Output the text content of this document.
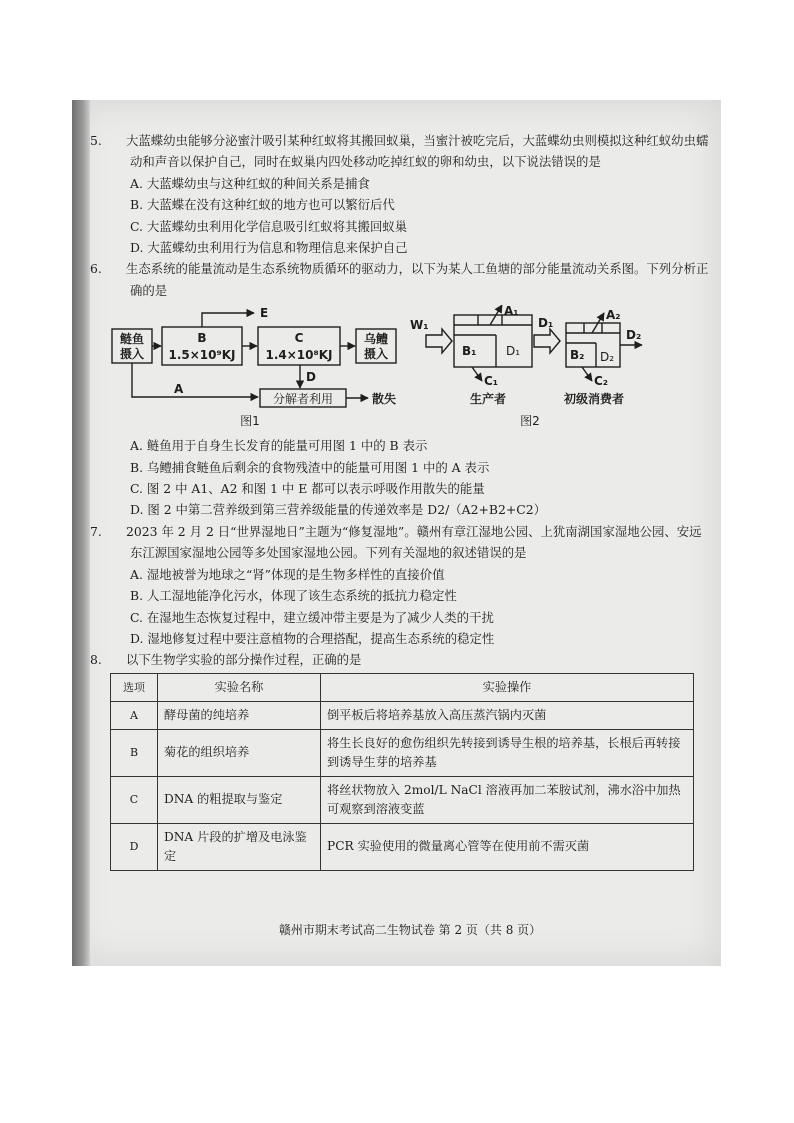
5. 大蓝蝶幼虫能够分泌蜜汁吸引某种红蚁将其搬回蚁巢，当蜜汁被吃完后，大蓝蝶幼虫则模拟这种红蚁幼虫蠕动和声音以保护自己，同时在蚁巢内四处移动吃掉红蚁的卵和幼虫，以下说法错误的是
A. 大蓝蝶幼虫与这种红蚁的种间关系是捕食
B. 大蓝蝶在没有这种红蚁的地方也可以繁衍后代
C. 大蓝蝶幼虫利用化学信息吸引红蚁将其搬回蚁巢
D. 大蓝蝶幼虫利用行为信息和物理信息来保护自己
6. 生态系统的能量流动是生态系统物质循环的驱动力，以下为某人工鱼塘的部分能量流动关系图。下列分析正确的是
鲢鱼
摄入
B
1.5×10⁹KJ
C
1.4×10⁸KJ
乌鳢
摄入
E
A
D
分解者利用	散失
图1
W₁
A₁
B₁ D₁
C₁
生产者
D₁
A₂
B₂ D₂
C₂
D₂
初级消费者
图2
A. 鲢鱼用于自身生长发育的能量可用图 1 中的 B 表示
B. 乌鳢捕食鲢鱼后剩余的食物残渣中的能量可用图 1 中的 A 表示
C. 图 2 中 A1、A2 和图 1 中 E 都可以表示呼吸作用散失的能量
D. 图 2 中第二营养级到第三营养级能量的传递效率是 D2/（A2+B2+C2）
7. 2023 年 2 月 2 日“世界湿地日”主题为“修复湿地”。赣州有章江湿地公园、上犹南湖国家湿地公园、安远东江源国家湿地公园等多处国家湿地公园。下列有关湿地的叙述错误的是
A. 湿地被誉为地球之“肾”体现的是生物多样性的直接价值
B. 人工湿地能净化污水，体现了该生态系统的抵抗力稳定性
C. 在湿地生态恢复过程中，建立缓冲带主要是为了减少人类的干扰
D. 湿地修复过程中要注意植物的合理搭配，提高生态系统的稳定性
8. 以下生物学实验的部分操作过程，正确的是
选项	实验名称	实验操作
A	酵母菌的纯培养	倒平板后将培养基放入高压蒸汽锅内灭菌
B	菊花的组织培养	将生长良好的愈伤组织先转接到诱导生根的培养基，长根后再转接到诱导生芽的培养基
C	DNA 的粗提取与鉴定	将丝状物放入 2mol/L NaCl 溶液再加二苯胺试剂，沸水浴中加热可观察到溶液变蓝
D	DNA 片段的扩增及电泳鉴定	PCR 实验使用的微量离心管等在使用前不需灭菌
赣州市期末考试高二生物试卷 第 2 页（共 8 页）
